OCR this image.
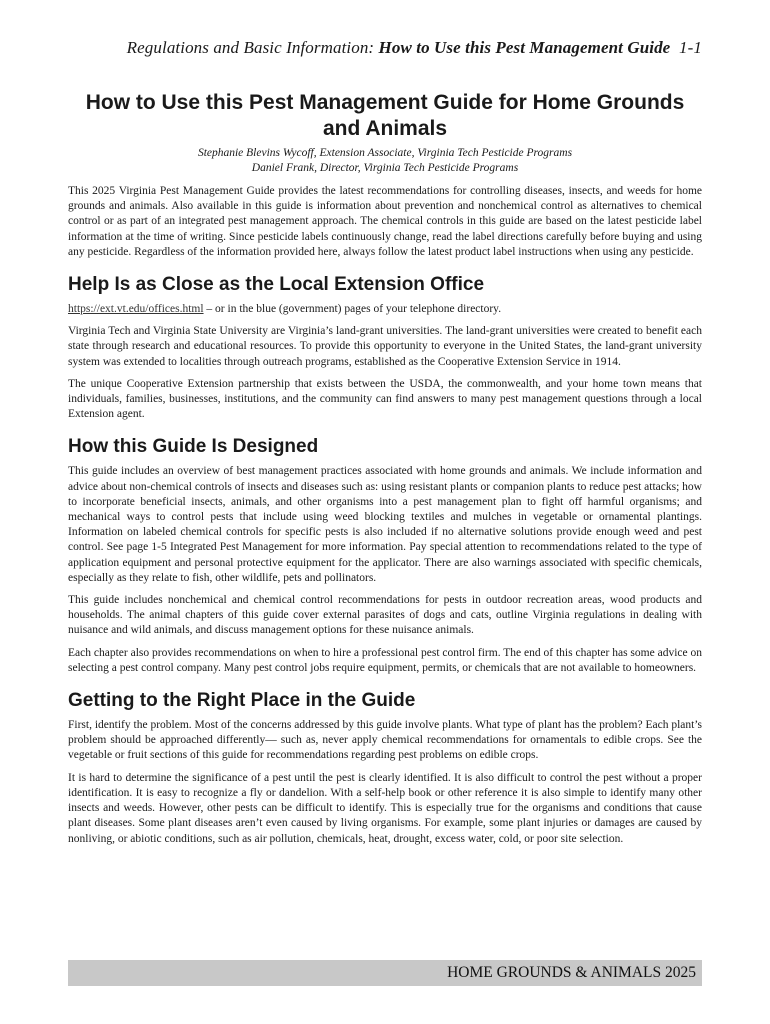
Regulations and Basic Information: How to Use this Pest Management Guide  1-1
How to Use this Pest Management Guide for Home Grounds and Animals
Stephanie Blevins Wycoff, Extension Associate, Virginia Tech Pesticide Programs
Daniel Frank, Director, Virginia Tech Pesticide Programs

This 2025 Virginia Pest Management Guide provides the latest recommendations for controlling diseases, insects, and weeds for home grounds and animals. Also available in this guide is information about prevention and nonchemical control as alternatives to chemical control or as part of an integrated pest management approach. The chemical controls in this guide are based on the latest pesticide label information at the time of writing. Since pesticide labels continuously change, read the label directions carefully before buying and using any pesticide. Regardless of the information provided here, always follow the latest product label instructions when using any pesticide.

Help Is as Close as the Local Extension Office

https://ext.vt.edu/offices.html – or in the blue (government) pages of your telephone directory.

Virginia Tech and Virginia State University are Virginia’s land-grant universities. The land-grant universities were created to benefit each state through research and educational resources. To provide this opportunity to everyone in the United States, the land-grant university system was extended to localities through outreach programs, established as the Cooperative Extension Service in 1914.

The unique Cooperative Extension partnership that exists between the USDA, the commonwealth, and your home town means that individuals, families, businesses, institutions, and the community can find answers to many pest management questions through a local Extension agent.

How this Guide Is Designed

This guide includes an overview of best management practices associated with home grounds and animals. We include information and advice about non-chemical controls of insects and diseases such as: using resistant plants or companion plants to reduce pest attacks; how to incorporate beneficial insects, animals, and other organisms into a pest management plan to fight off harmful organisms; and mechanical ways to control pests that include using weed blocking textiles and mulches in vegetable or ornamental plantings. Information on labeled chemical controls for specific pests is also included if no alternative solutions provide enough weed and pest control. See page 1-5 Integrated Pest Management for more information. Pay special attention to recommendations related to the type of application equipment and personal protective equipment for the applicator. There are also warnings associated with specific chemicals, especially as they relate to fish, other wildlife, pets and pollinators.

This guide includes nonchemical and chemical control recommendations for pests in outdoor recreation areas, wood products and households. The animal chapters of this guide cover external parasites of dogs and cats, outline Virginia regulations in dealing with nuisance and wild animals, and discuss management options for these nuisance animals.

Each chapter also provides recommendations on when to hire a professional pest control firm. The end of this chapter has some advice on selecting a pest control company. Many pest control jobs require equipment, permits, or chemicals that are not available to homeowners.

Getting to the Right Place in the Guide

First, identify the problem. Most of the concerns addressed by this guide involve plants. What type of plant has the problem? Each plant’s problem should be approached differently— such as, never apply chemical recommendations for ornamentals to edible crops. See the vegetable or fruit sections of this guide for recommendations regarding pest problems on edible crops.

It is hard to determine the significance of a pest until the pest is clearly identified. It is also difficult to control the pest without a proper identification. It is easy to recognize a fly or dandelion. With a self-help book or other reference it is also simple to identify many other insects and weeds. However, other pests can be difficult to identify. This is especially true for the organisms and conditions that cause plant diseases. Some plant diseases aren’t even caused by living organisms. For example, some plant injuries or damages are caused by nonliving, or abiotic conditions, such as air pollution, chemicals, heat, drought, excess water, cold, or poor site selection.

HOME GROUNDS & ANIMALS 2025
